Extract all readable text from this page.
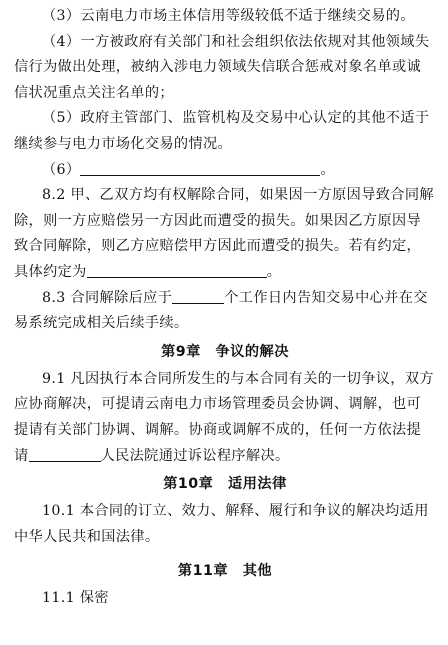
（3）云南电力市场主体信用等级较低不适于继续交易的。
（4）一方被政府有关部门和社会组织依法依规对其他领域失
信行为做出处理，被纳入涉电力领域失信联合惩戒对象名单或诚
信状况重点关注名单的；
（5）政府主管部门、监管机构及交易中心认定的其他不适于
继续参与电力市场化交易的情况。
（6）	。
8.2 甲、乙双方均有权解除合同，如果因一方原因导致合同解
除，则一方应赔偿另一方因此而遭受的损失。如果因乙方原因导
致合同解除，则乙方应赔偿甲方因此而遭受的损失。若有约定，
具体约定为	。
8.3 合同解除后应于	个工作日内告知交易中心并在交
易系统完成相关后续手续。
第9章　争议的解决
9.1 凡因执行本合同所发生的与本合同有关的一切争议，双方
应协商解决，可提请云南电力市场管理委员会协调、调解，也可
提请有关部门协调、调解。协商或调解不成的，任何一方依法提
请	人民法院通过诉讼程序解决。
第10章　适用法律
10.1 本合同的订立、效力、解释、履行和争议的解决均适用
中华人民共和国法律。
第11章　其他
11.1 保密
